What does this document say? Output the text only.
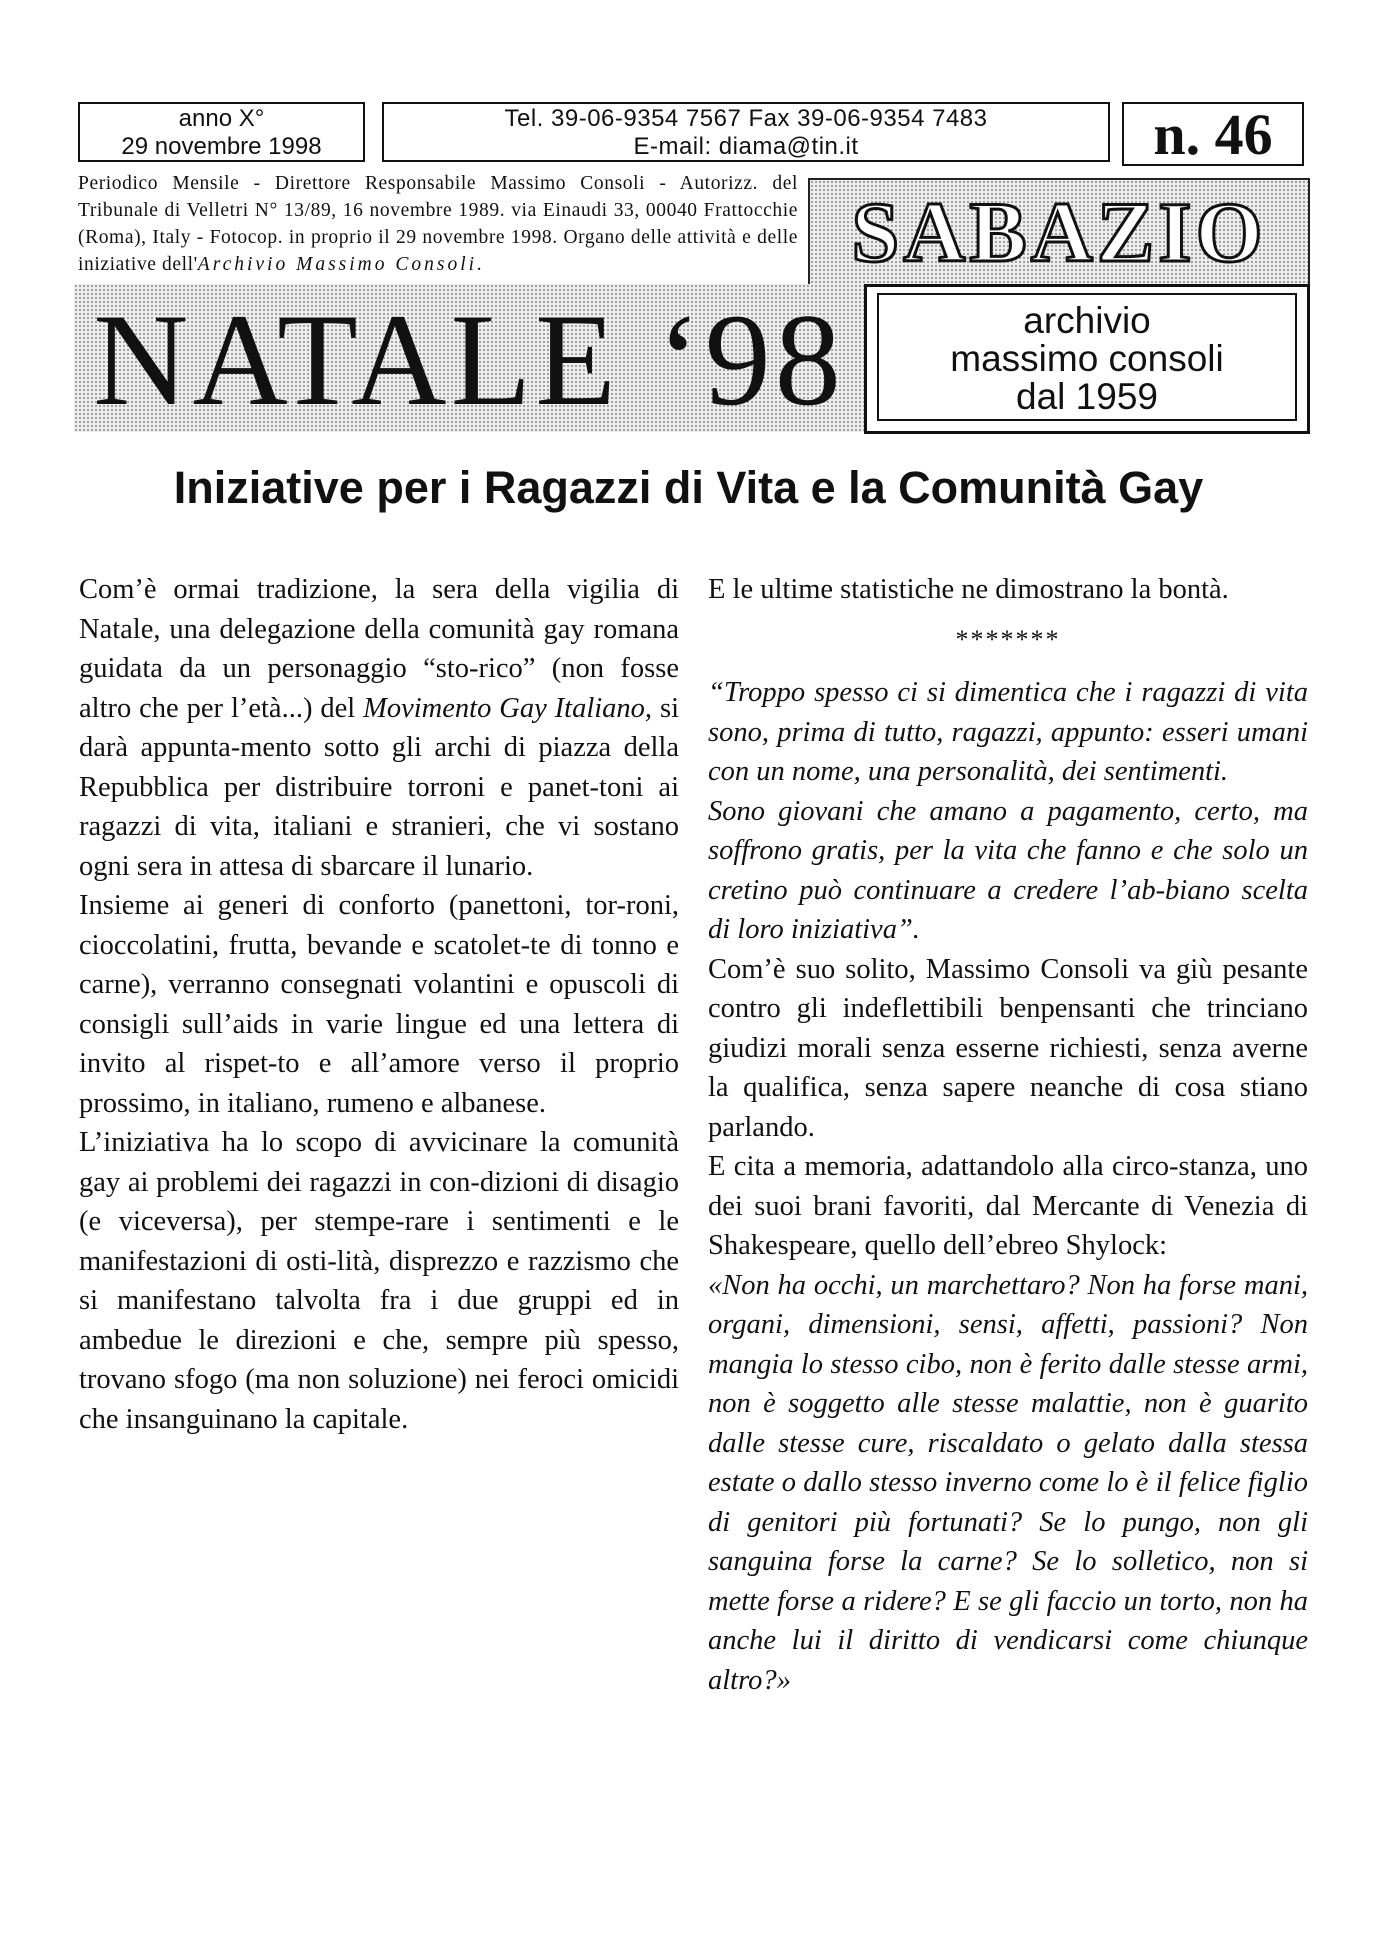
anno X°
29 novembre 1998
Tel. 39-06-9354 7567 Fax 39-06-9354 7483
E-mail: diama@tin.it	n. 46
Periodico Mensile - Direttore Responsabile Massimo Consoli - Autorizz. del Tribunale di Velletri N° 13/89, 16 novembre 1989. via Einaudi 33, 00040 Frattocchie (Roma), Italy - Fotocop. in proprio il 29 novembre 1998. Organo delle attività e delle iniziative dell'Archivio Massimo Consoli.	SABAZIO
NATALE ‘98	archivio
massimo consoli
dal 1959
Iniziative per i Ragazzi di Vita e la Comunità Gay

Com’è ormai tradizione, la sera della vigilia di Natale, una delegazione della comunità gay romana guidata da un personaggio “sto-rico” (non fosse altro che per l’età...) del Movimento Gay Italiano, si darà appunta-mento sotto gli archi di piazza della Repubblica per distribuire torroni e panet-toni ai ragazzi di vita, italiani e stranieri, che vi sostano ogni sera in attesa di sbarcare il lunario.

Insieme ai generi di conforto (panettoni, tor-roni, cioccolatini, frutta, bevande e scatolet-te di tonno e carne), verranno consegnati volantini e opuscoli di consigli sull’aids in varie lingue ed una lettera di invito al rispet-to e all’amore verso il proprio prossimo, in italiano, rumeno e albanese.

L’iniziativa ha lo scopo di avvicinare la comunità gay ai problemi dei ragazzi in con-dizioni di disagio (e viceversa), per stempe-rare i sentimenti e le manifestazioni di osti-lità, disprezzo e razzismo che si manifestano talvolta fra i due gruppi ed in ambedue le direzioni e che, sempre più spesso, trovano sfogo (ma non soluzione) nei feroci omicidi che insanguinano la capitale.

E le ultime statistiche ne dimostrano la bontà.

*******

“Troppo spesso ci si dimentica che i ragazzi di vita sono, prima di tutto, ragazzi, appunto: esseri umani con un nome, una personalità, dei sentimenti.

Sono giovani che amano a pagamento, certo, ma soffrono gratis, per la vita che fanno e che solo un cretino può continuare a credere l’ab-biano scelta di loro iniziativa”.

Com’è suo solito, Massimo Consoli va giù pesante contro gli indeflettibili benpensanti che trinciano giudizi morali senza esserne richiesti, senza averne la qualifica, senza sapere neanche di cosa stiano parlando.

E cita a memoria, adattandolo alla circo-stanza, uno dei suoi brani favoriti, dal Mercante di Venezia di Shakespeare, quello dell’ebreo Shylock:

«Non ha occhi, un marchettaro? Non ha forse mani, organi, dimensioni, sensi, affetti, passioni? Non mangia lo stesso cibo, non è ferito dalle stesse armi, non è soggetto alle stesse malattie, non è guarito dalle stesse cure, riscaldato o gelato dalla stessa estate o dallo stesso inverno come lo è il felice figlio di genitori più fortunati? Se lo pungo, non gli sanguina forse la carne? Se lo solletico, non si mette forse a ridere? E se gli faccio un torto, non ha anche lui il diritto di vendicarsi come chiunque altro?»
